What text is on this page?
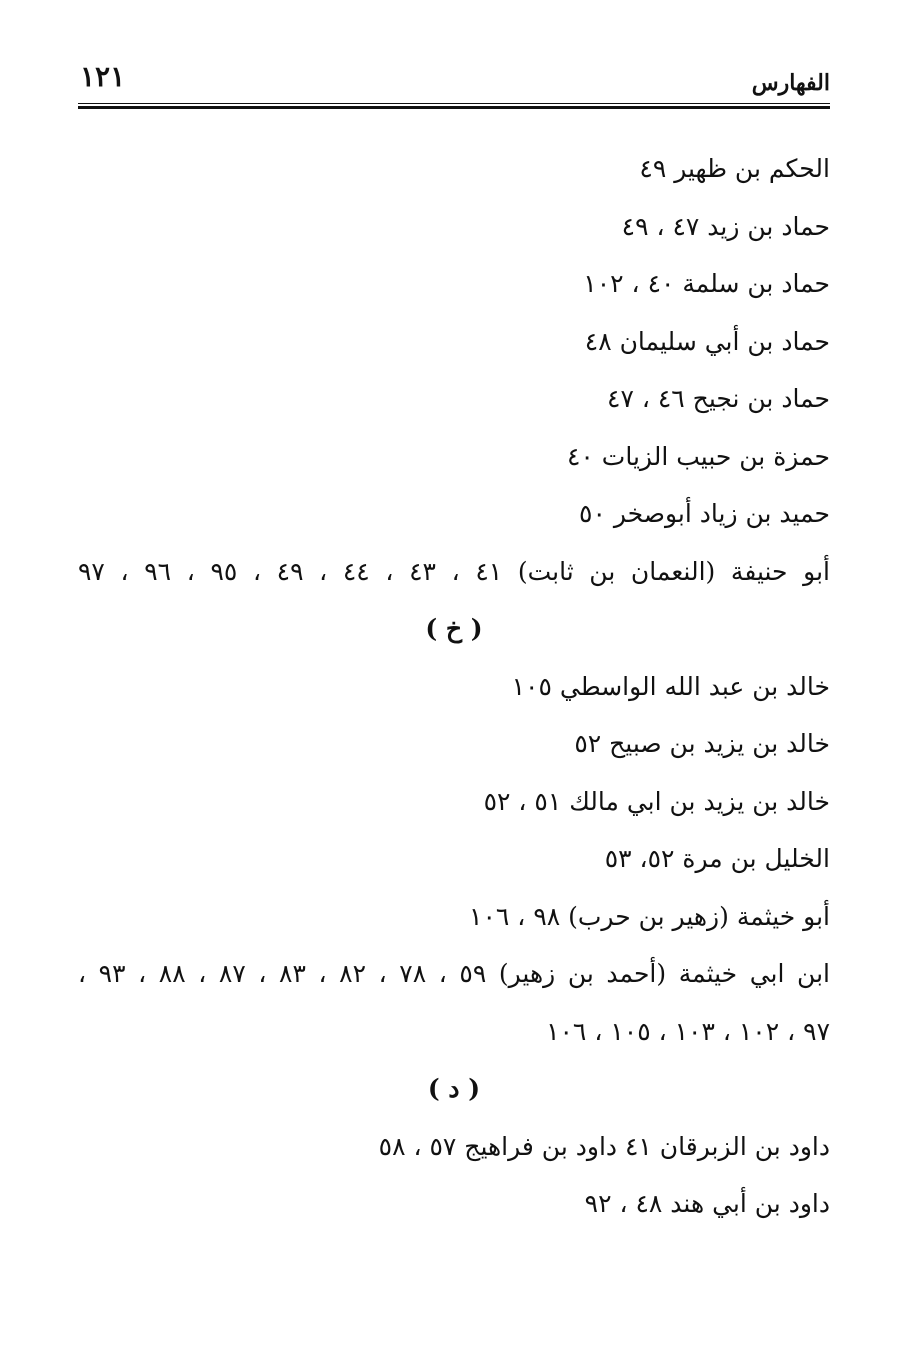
الفهارس
١٢١
الحكم بن ظهير ٤٩
حماد بن زيد ٤٧ ، ٤٩
حماد بن سلمة ٤٠ ، ١٠٢
حماد بن أبي سليمان ٤٨
حماد بن نجيح ٤٦ ، ٤٧
حمزة بن حبيب الزيات ٤٠
حميد بن زياد أبوصخر ٥٠
أبو حنيفة (النعمان بن ثابت) ٤١ ، ٤٣ ، ٤٤ ، ٤٩ ، ٩٥ ، ٩٦ ، ٩٧
( خ )
خالد بن عبد الله الواسطي ١٠٥
خالد بن يزيد بن صبيح ٥٢
خالد بن يزيد بن ابي مالك ٥١ ، ٥٢
الخليل بن مرة ٥٢، ٥٣
أبو خيثمة (زهير بن حرب) ٩٨ ، ١٠٦
ابن ابي خيثمة (أحمد بن زهير) ٥٩ ، ٧٨ ، ٨٢ ، ٨٣ ، ٨٧ ، ٨٨ ، ٩٣ ،
٩٧ ، ١٠٢ ، ١٠٣ ، ١٠٥ ، ١٠٦
( د )
داود بن الزبرقان ٤١ داود بن فراهيج ٥٧ ، ٥٨
داود بن أبي هند ٤٨ ، ٩٢
